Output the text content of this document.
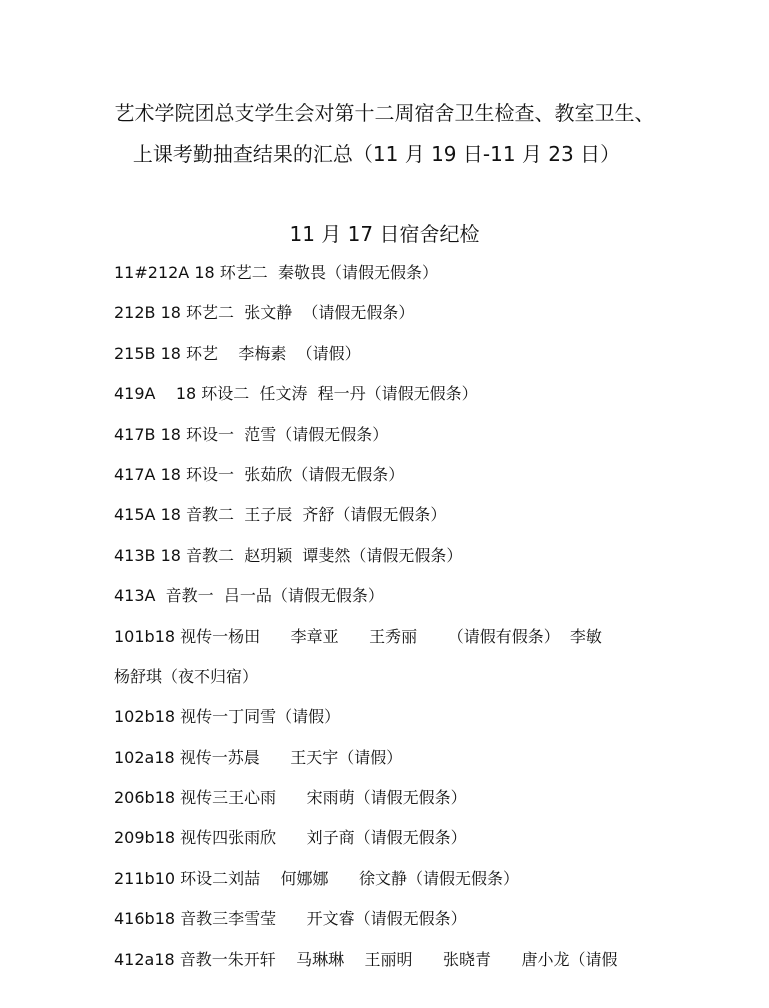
艺术学院团总支学生会对第十二周宿舍卫生检查、教室卫生、
上课考勤抽查结果的汇总（11 月 19 日-11 月 23 日）
11 月 17 日宿舍纪检
11#212A 18 环艺二  秦敬畏（请假无假条）
212B 18 环艺二  张文静  （请假无假条）
215B 18 环艺    李梅素  （请假）
419A    18 环设二  任文涛  程一丹（请假无假条）
417B 18 环设一  范雪（请假无假条）
417A 18 环设一  张茹欣（请假无假条）
415A 18 音教二  王子辰  齐舒（请假无假条）
413B 18 音教二  赵玥颖  谭斐然（请假无假条）
413A  音教一  吕一品（请假无假条）
101b18 视传一杨田      李章亚      王秀丽      （请假有假条）  李敏
杨舒琪（夜不归宿）
102b18 视传一丁同雪（请假）
102a18 视传一苏晨      王天宇（请假）
206b18 视传三王心雨      宋雨萌（请假无假条）
209b18 视传四张雨欣      刘子商（请假无假条）
211b10 环设二刘喆    何娜娜      徐文静（请假无假条）
416b18 音教三李雪莹      开文睿（请假无假条）
412a18 音教一朱开轩    马琳琳    王丽明      张晓青      唐小龙（请假
